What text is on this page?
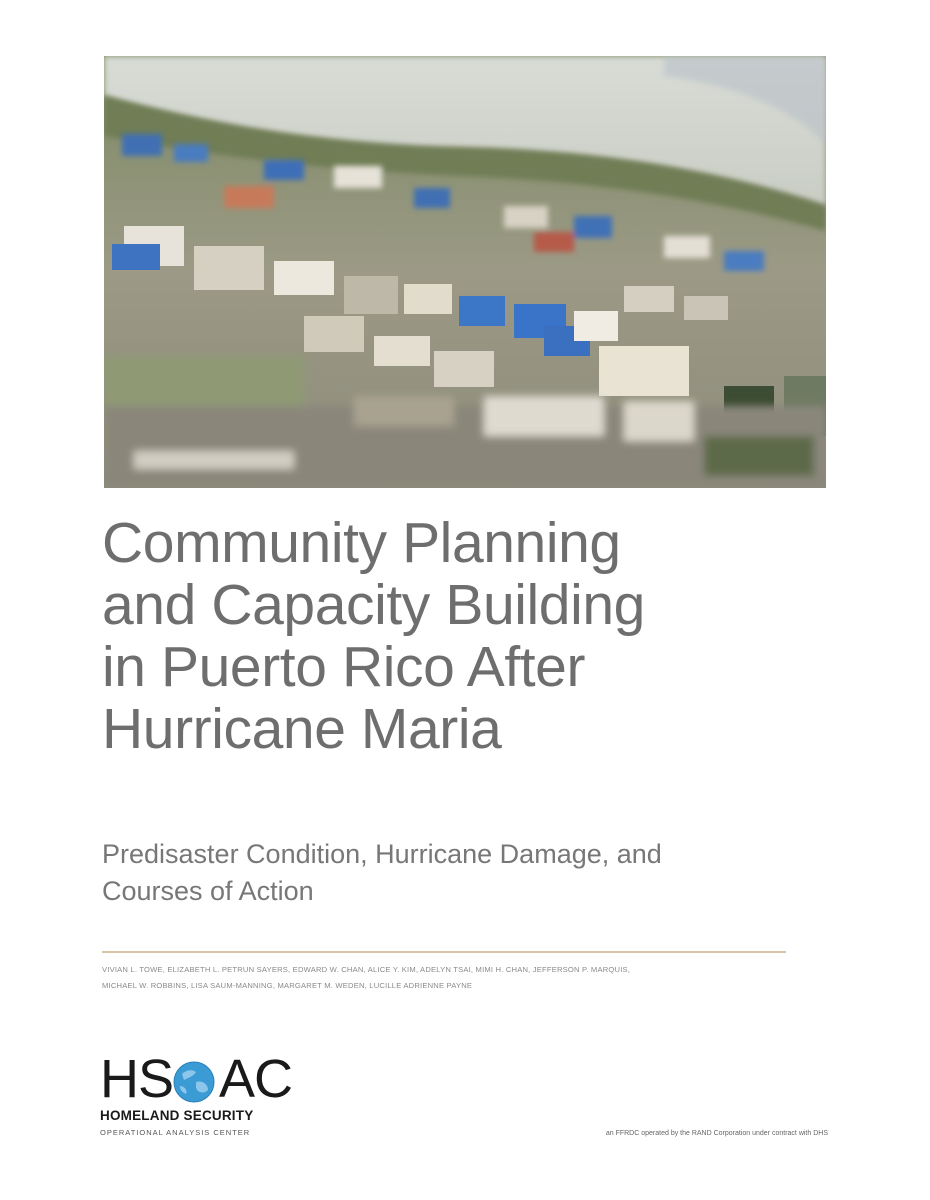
Community Planning
and Capacity Building
in Puerto Rico After
Hurricane Maria
Predisaster Condition, Hurricane Damage, and
Courses of Action

VIVIAN L. TOWE, ELIZABETH L. PETRUN SAYERS, EDWARD W. CHAN, ALICE Y. KIM, ADELYN TSAI, MIMI H. CHAN, JEFFERSON P. MARQUIS,
MICHAEL W. ROBBINS, LISA SAUM-MANNING, MARGARET M. WEDEN, LUCILLE ADRIENNE PAYNE

HS AC
HOMELAND SECURITY
OPERATIONAL ANALYSIS CENTER	an FFRDC operated by the RAND Corporation under contract with DHS
